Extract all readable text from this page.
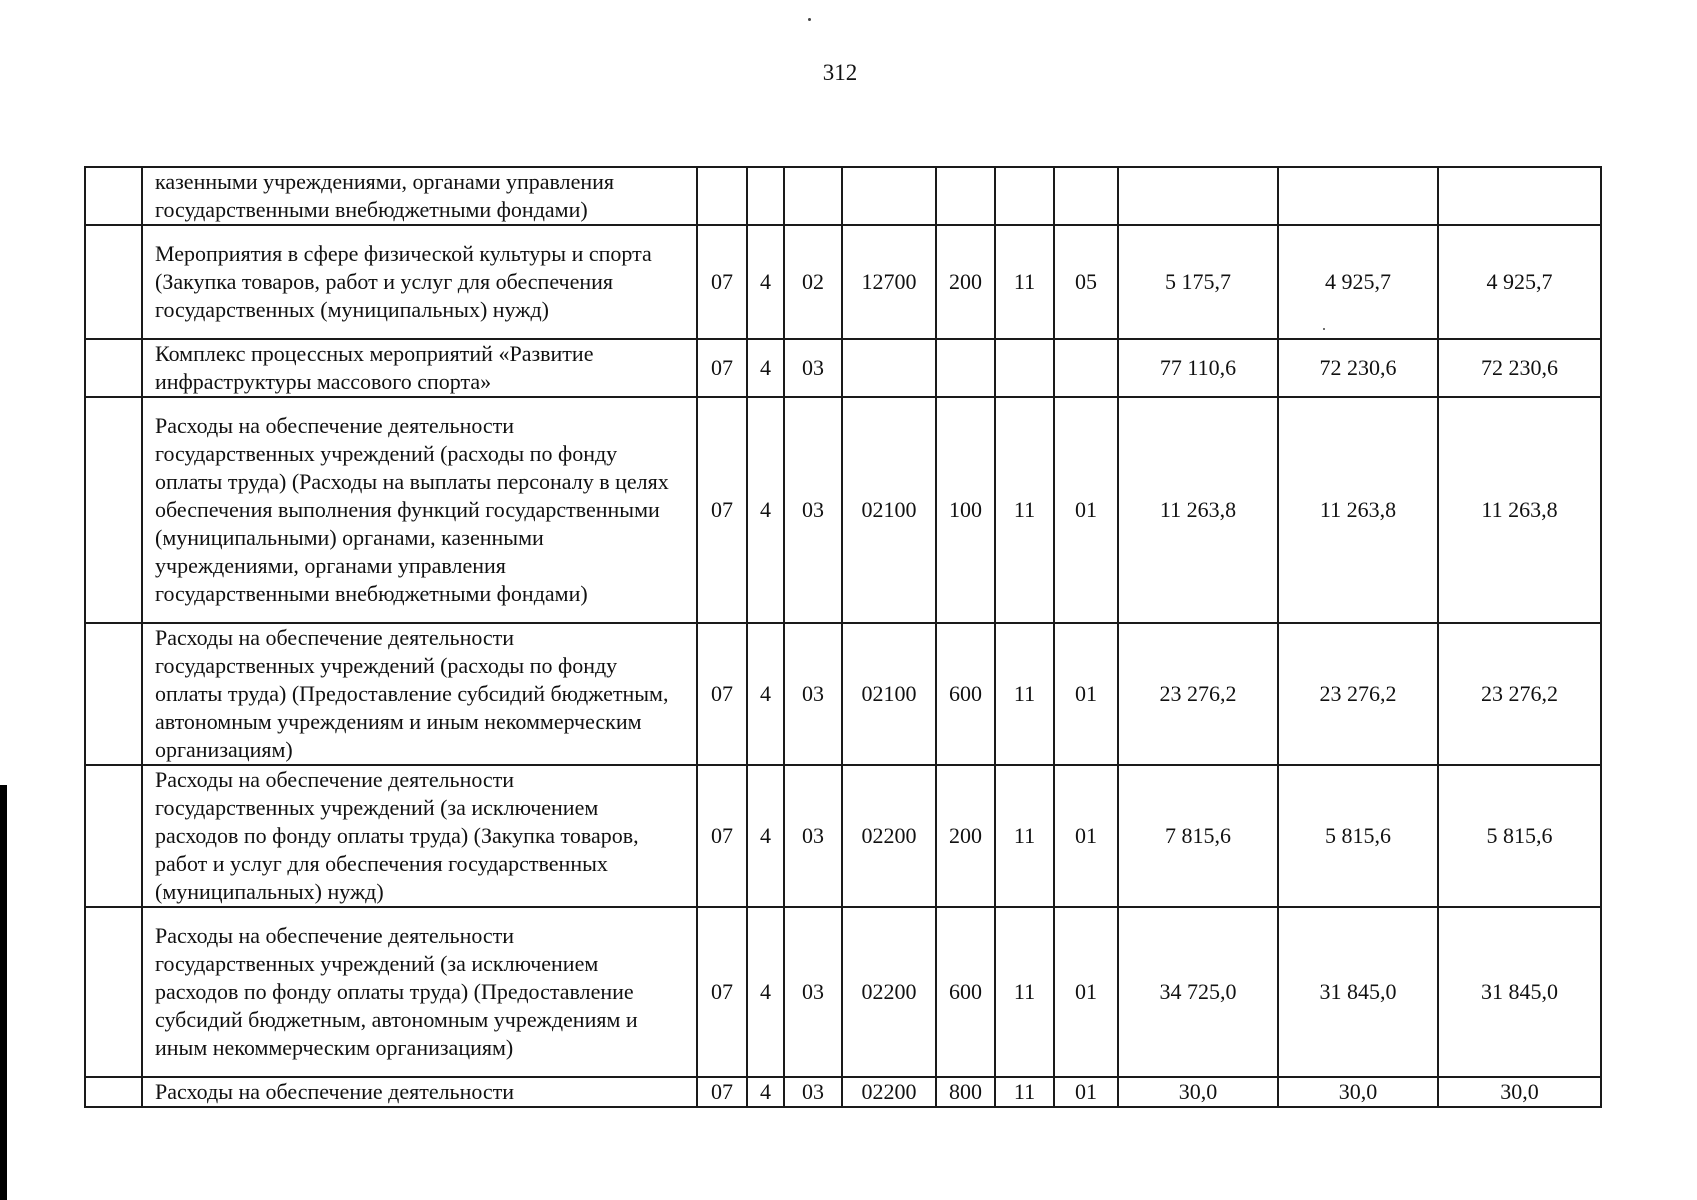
312
	казенными учреждениями, органами управления государственными внебюджетными фондами)										
	Мероприятия в сфере физической культуры и спорта (Закупка товаров, работ и услуг для обеспечения государственных (муниципальных) нужд)	07	4	02	12700	200	11	05	5 175,7	4 925,7	4 925,7
	Комплекс процессных мероприятий «Развитие инфраструктуры массового спорта»	07	4	03					77 110,6	72 230,6	72 230,6
	Расходы на обеспечение деятельности государственных учреждений (расходы по фонду оплаты труда) (Расходы на выплаты персоналу в целях обеспечения выполнения функций государственными (муниципальными) органами, казенными учреждениями, органами управления государственными внебюджетными фондами)	07	4	03	02100	100	11	01	11 263,8	11 263,8	11 263,8
	Расходы на обеспечение деятельности государственных учреждений (расходы по фонду оплаты труда) (Предоставление субсидий бюджетным, автономным учреждениям и иным некоммерческим организациям)	07	4	03	02100	600	11	01	23 276,2	23 276,2	23 276,2
	Расходы на обеспечение деятельности государственных учреждений (за исключением расходов по фонду оплаты труда) (Закупка товаров, работ и услуг для обеспечения государственных (муниципальных) нужд)	07	4	03	02200	200	11	01	7 815,6	5 815,6	5 815,6
	Расходы на обеспечение деятельности государственных учреждений (за исключением расходов по фонду оплаты труда) (Предоставление субсидий бюджетным, автономным учреждениям и иным некоммерческим организациям)	07	4	03	02200	600	11	01	34 725,0	31 845,0	31 845,0
	Расходы на обеспечение деятельности	07	4	03	02200	800	11	01	30,0	30,0	30,0
